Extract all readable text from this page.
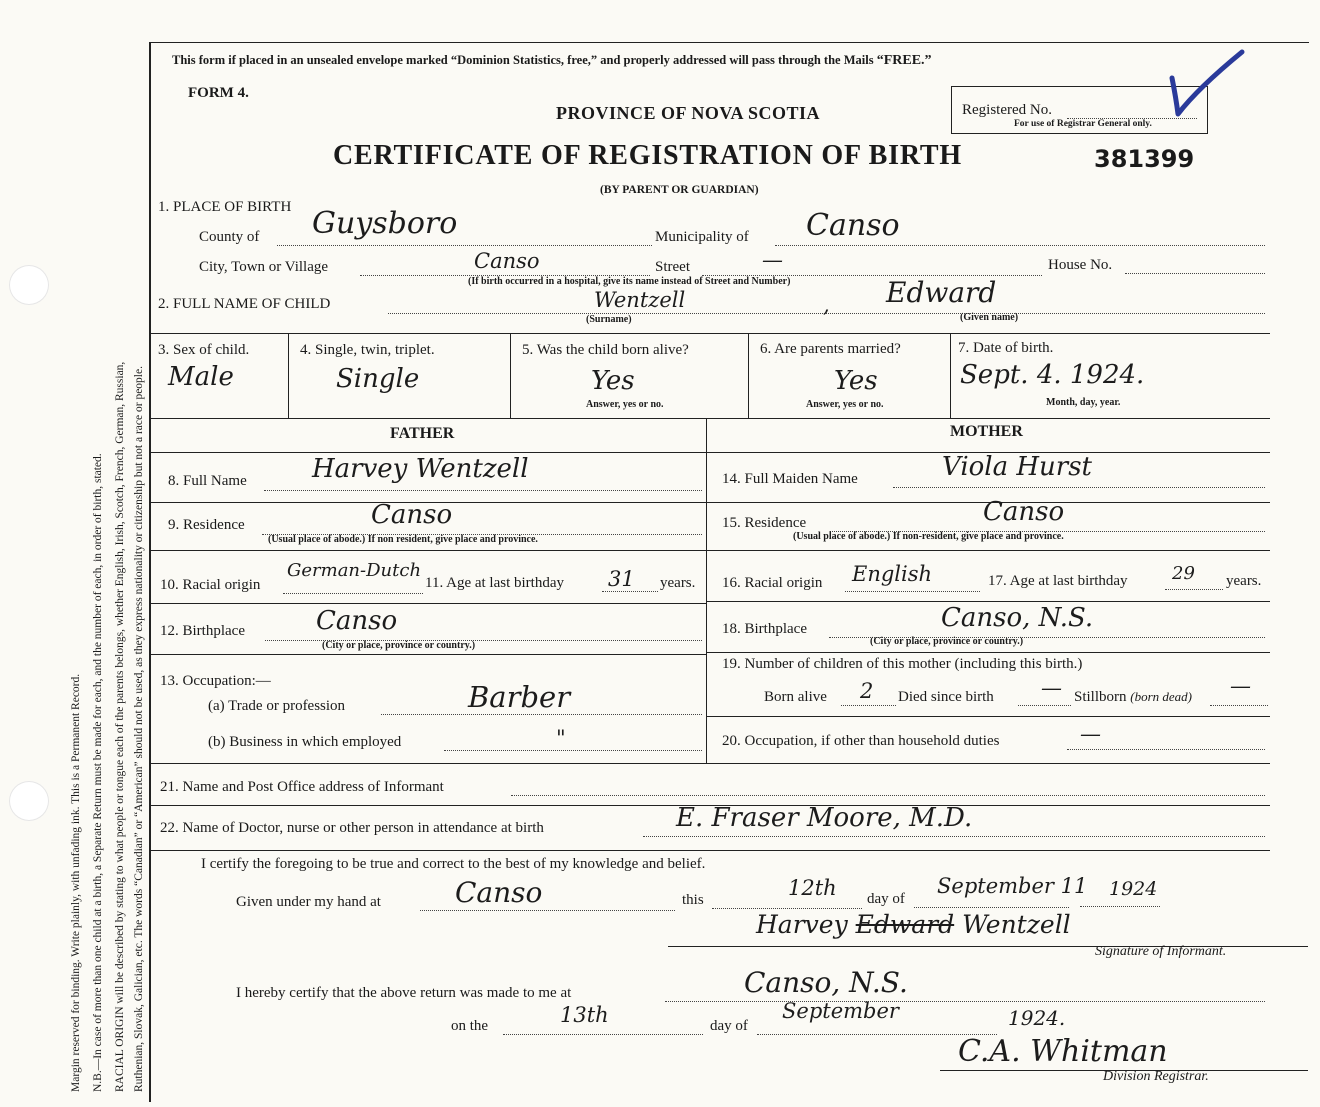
Margin reserved for binding. Write plainly, with unfading ink. This is a Permanent Record. N.B.—In case of more than one child at a birth, a Separate Return must be made for each, and the number of each, in order of birth, stated. RACIAL ORIGIN will be described by stating to what people or tongue each of the parents belongs, whether English, Irish, Scotch, French, German, Russian, Ruthenian, Slovak, Galician, etc. The words “Canadian” or “American” should not be used, as they express nationality or citizenship but not a race or people.
This form if placed in an unsealed envelope marked “Dominion Statistics, free,” and properly addressed will pass through the Mails “FREE.”
FORM 4.
PROVINCE OF NOVA SCOTIA	Registered No.
For use of Registrar General only.
CERTIFICATE OF REGISTRATION OF BIRTH	381399
(BY PARENT OR GUARDIAN)
1. PLACE OF BIRTH
County of Guysboro	Municipality of Canso
City, Town or Village	Canso	Street	—	House No.
(If birth occurred in a hospital, give its name instead of Street and Number)
2. FULL NAME OF CHILD	Wentzell	, Edward
(Surname)	(Given name)
3. Sex of child.
Male
4. Single, twin, triplet.
Single
5. Was the child born alive?
Yes
Answer, yes or no.
6. Are parents married?
Yes
Answer, yes or no.
7. Date of birth.
Sept. 4. 1924.
Month, day, year.
FATHER	MOTHER
8. Full Name	Harvey Wentzell
9. Residence	Canso
(Usual place of abode.) If non resident, give place and province.
10. Racial origin
German-Dutch
11. Age at last birthday 31 years.
12. Birthplace	Canso
(City or place, province or country.)
13. Occupation:—
(a) Trade or profession	Barber
(b) Business in which employed	"
14. Full Maiden Name	Viola Hurst
15. Residence	Canso
(Usual place of abode.) If non-resident, give place and province.
16. Racial origin English	17. Age at last birthday 29 years.
18. Birthplace	Canso, N.S.
(City or place, province or country.)
19. Number of children of this mother (including this birth.)
Born alive 2 Died since birth — Stillborn (born dead) —
20. Occupation, if other than household duties	—
21. Name and Post Office address of Informant
22. Name of Doctor, nurse or other person in attendance at birth	E. Fraser Moore, M.D.
I certify the foregoing to be true and correct to the best of my knowledge and belief.
Given under my hand at	Canso	this	12th day of
September 11 1924
Harvey Edward Wentzell
Signature of Informant.
I hereby certify that the above return was made to me at	Canso, N.S.
on the	13th	day of
September	1924.
C.A. Whitman
Division Registrar.
